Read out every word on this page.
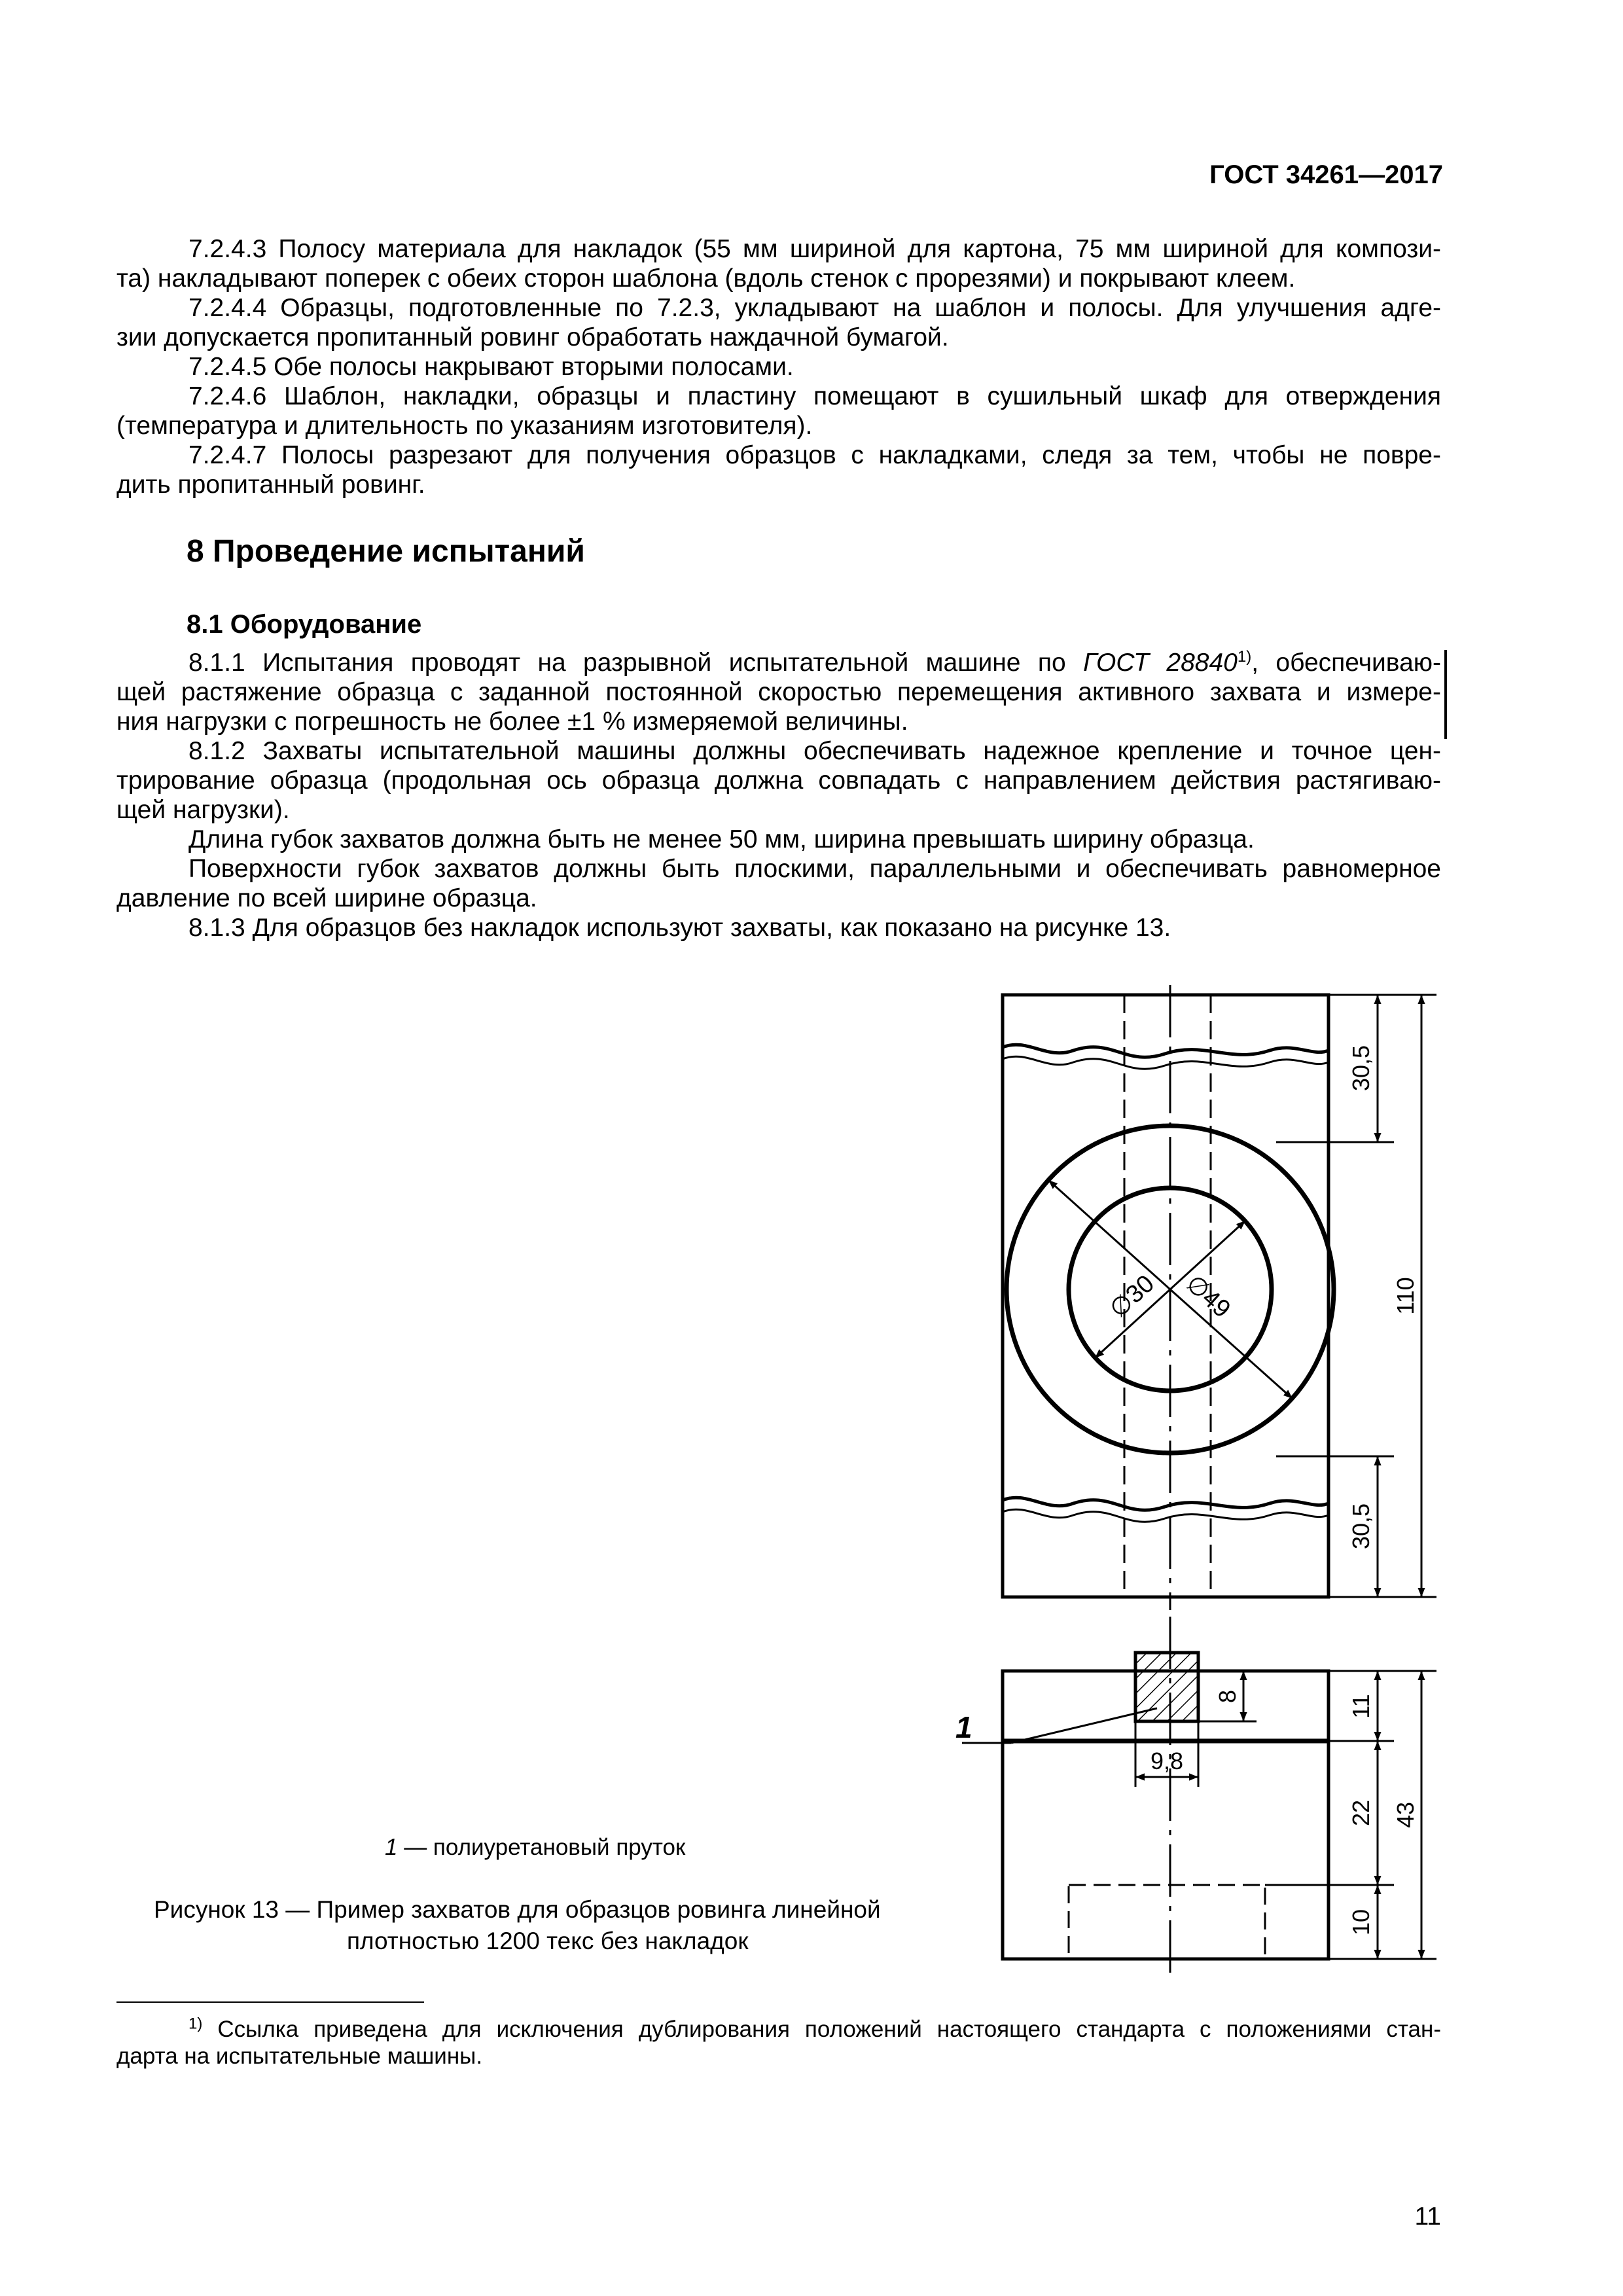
ГОСТ 34261—2017
7.2.4.3 Полосу материала для накладок (55 мм шириной для картона, 75 мм шириной для компози-
та) накладывают поперек с обеих сторон шаблона (вдоль стенок с прорезями) и покрывают клеем.
7.2.4.4 Образцы, подготовленные по 7.2.3, укладывают на шаблон и полосы. Для улучшения адге-
зии допускается пропитанный ровинг обработать наждачной бумагой.
7.2.4.5 Обе полосы накрывают вторыми полосами.
7.2.4.6 Шаблон, накладки, образцы и пластину помещают в сушильный шкаф для отверждения
(температура и длительность по указаниям изготовителя).
7.2.4.7 Полосы разрезают для получения образцов с накладками, следя за тем, чтобы не повре-
дить пропитанный ровинг.
8 Проведение испытаний
8.1 Оборудование
8.1.1 Испытания проводят на разрывной испытательной машине по ГОСТ 28840$^{1)}$, обеспечиваю-
щей растяжение образца с заданной постоянной скоростью перемещения активного захвата и измере-
ния нагрузки с погрешность не более ±1 % измеряемой величины.
8.1.2 Захваты испытательной машины должны обеспечивать надежное крепление и точное цен-
трирование образца (продольная ось образца должна совпадать с направлением действия растягиваю-
щей нагрузки).
Длина губок захватов должна быть не менее 50 мм, ширина превышать ширину образца.
Поверхности губок захватов должны быть плоскими, параллельными и обеспечивать равномерное
давление по всей ширине образца.
8.1.3 Для образцов без накладок используют захваты, как показано на рисунке 13.
∅30 ∅49
30,5
110
30,5
1
8
9,8
11
22
10
43
1 — полиуретановый пруток
Рисунок 13 — Пример захватов для образцов ровинга линейной
плотностью 1200 текс без накладок
$^{1)}$ Ссылка приведена для исключения дублирования положений настоящего стандарта с положениями стан-
дарта на испытательные машины.
11
